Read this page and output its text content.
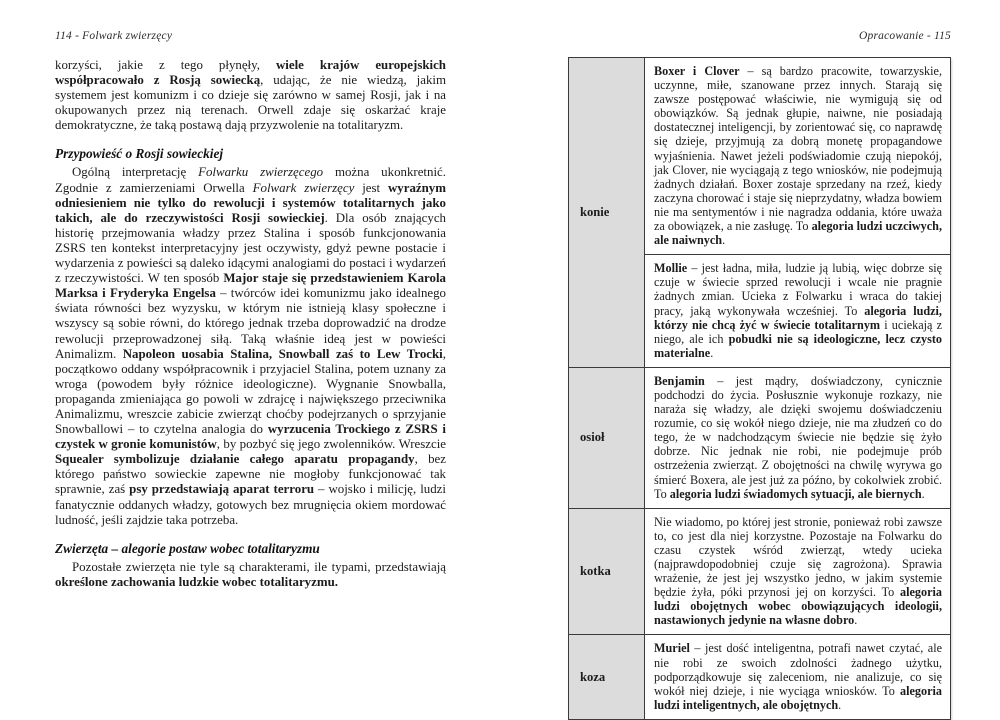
114 - Folwark zwierzęcy

korzyści, jakie z tego płynęły, wiele krajów europejskich współpracowało z Rosją sowiecką, udając, że nie wiedzą, jakim systemem jest komunizm i co dzieje się zarówno w samej Rosji, jak i na okupowanych przez nią terenach. Orwell zdaje się oskarżać kraje demokratyczne, że taką postawą dają przyzwolenie na totalitaryzm.

Przypowieść o Rosji sowieckiej

Ogólną interpretację Folwarku zwierzęcego można ukonkretnić. Zgodnie z zamierzeniami Orwella Folwark zwierzęcy jest wyraźnym odniesieniem nie tylko do rewolucji i systemów totalitarnych jako takich, ale do rzeczywistości Rosji sowieckiej. Dla osób znających historię przejmowania władzy przez Stalina i sposób funkcjonowania ZSRS ten kontekst interpretacyjny jest oczywisty, gdyż pewne postacie i wydarzenia z powieści są daleko idącymi analogiami do postaci i wydarzeń z rzeczywistości. W ten sposób Major staje się przedstawieniem Karola Marksa i Fryderyka Engelsa – twórców idei komunizmu jako idealnego świata równości bez wyzysku, w którym nie istnieją klasy społeczne i wszyscy są sobie równi, do którego jednak trzeba doprowadzić na drodze rewolucji przeprowadzonej siłą. Taką właśnie ideą jest w powieści Animalizm. Napoleon uosabia Stalina, Snowball zaś to Lew Trocki, początkowo oddany współpracownik i przyjaciel Stalina, potem uznany za wroga (powodem były różnice ideologiczne). Wygnanie Snowballa, propaganda zmieniająca go powoli w zdrajcę i największego przeciwnika Animalizmu, wreszcie zabicie zwierząt choćby podejrzanych o sprzyjanie Snowballowi – to czytelna analogia do wyrzucenia Trockiego z ZSRS i czystek w gronie komunistów, by pozbyć się jego zwolenników. Wreszcie Squealer symbolizuje działanie całego aparatu propagandy, bez którego państwo sowieckie zapewne nie mogłoby funkcjonować tak sprawnie, zaś psy przedstawiają aparat terroru – wojsko i milicję, ludzi fanatycznie oddanych władzy, gotowych bez mrugnięcia okiem mordować ludność, jeśli zajdzie taka potrzeba.

Zwierzęta – alegorie postaw wobec totalitaryzmu

Pozostałe zwierzęta nie tyle są charakterami, ile typami, przedstawiają określone zachowania ludzkie wobec totalitaryzmu.

Opracowanie - 115
konie	Boxer i Clover – są bardzo pracowite, towarzyskie, uczynne, miłe, szanowane przez innych. Starają się zawsze postępować właściwie, nie wymigują się od obowiązków. Są jednak głupie, naiwne, nie posiadają dostatecznej inteligencji, by zorientować się, co naprawdę się dzieje, przyjmują za dobrą monetę propagandowe wyjaśnienia. Nawet jeżeli podświadomie czują niepokój, jak Clover, nie wyciągają z tego wniosków, nie podejmują żadnych działań. Boxer zostaje sprzedany na rzeź, kiedy zaczyna chorować i staje się nieprzydatny, władza bowiem nie ma sentymentów i nie nagradza oddania, które uważa za obowiązek, a nie zasługę. To alegoria ludzi uczciwych, ale naiwnych.
	Mollie – jest ładna, miła, ludzie ją lubią, więc dobrze się czuje w świecie sprzed rewolucji i wcale nie pragnie żadnych zmian. Ucieka z Folwarku i wraca do takiej pracy, jaką wykonywała wcześniej. To alegoria ludzi, którzy nie chcą żyć w świecie totalitarnym i uciekają z niego, ale ich pobudki nie są ideologiczne, lecz czysto materialne.
osioł	Benjamin – jest mądry, doświadczony, cynicznie podchodzi do życia. Posłusznie wykonuje rozkazy, nie naraża się władzy, ale dzięki swojemu doświadczeniu rozumie, co się wokół niego dzieje, nie ma złudzeń co do tego, że w nadchodzącym świecie nie będzie się żyło dobrze. Nic jednak nie robi, nie podejmuje prób ostrzeżenia zwierząt. Z obojętności na chwilę wyrywa go śmierć Boxera, ale jest już za późno, by cokolwiek zrobić. To alegoria ludzi świadomych sytuacji, ale biernych.
kotka	Nie wiadomo, po której jest stronie, ponieważ robi zawsze to, co jest dla niej korzystne. Pozostaje na Folwarku do czasu czystek wśród zwierząt, wtedy ucieka (najprawdopodobniej czuje się zagrożona). Sprawia wrażenie, że jest jej wszystko jedno, w jakim systemie będzie żyła, póki przynosi jej on korzyści. To alegoria ludzi obojętnych wobec obowiązujących ideologii, nastawionych jedynie na własne dobro.
koza	Muriel – jest dość inteligentna, potrafi nawet czytać, ale nie robi ze swoich zdolności żadnego użytku, podporządkowuje się zaleceniom, nie analizuje, co się wokół niej dzieje, i nie wyciąga wniosków. To alegoria ludzi inteligentnych, ale obojętnych.
